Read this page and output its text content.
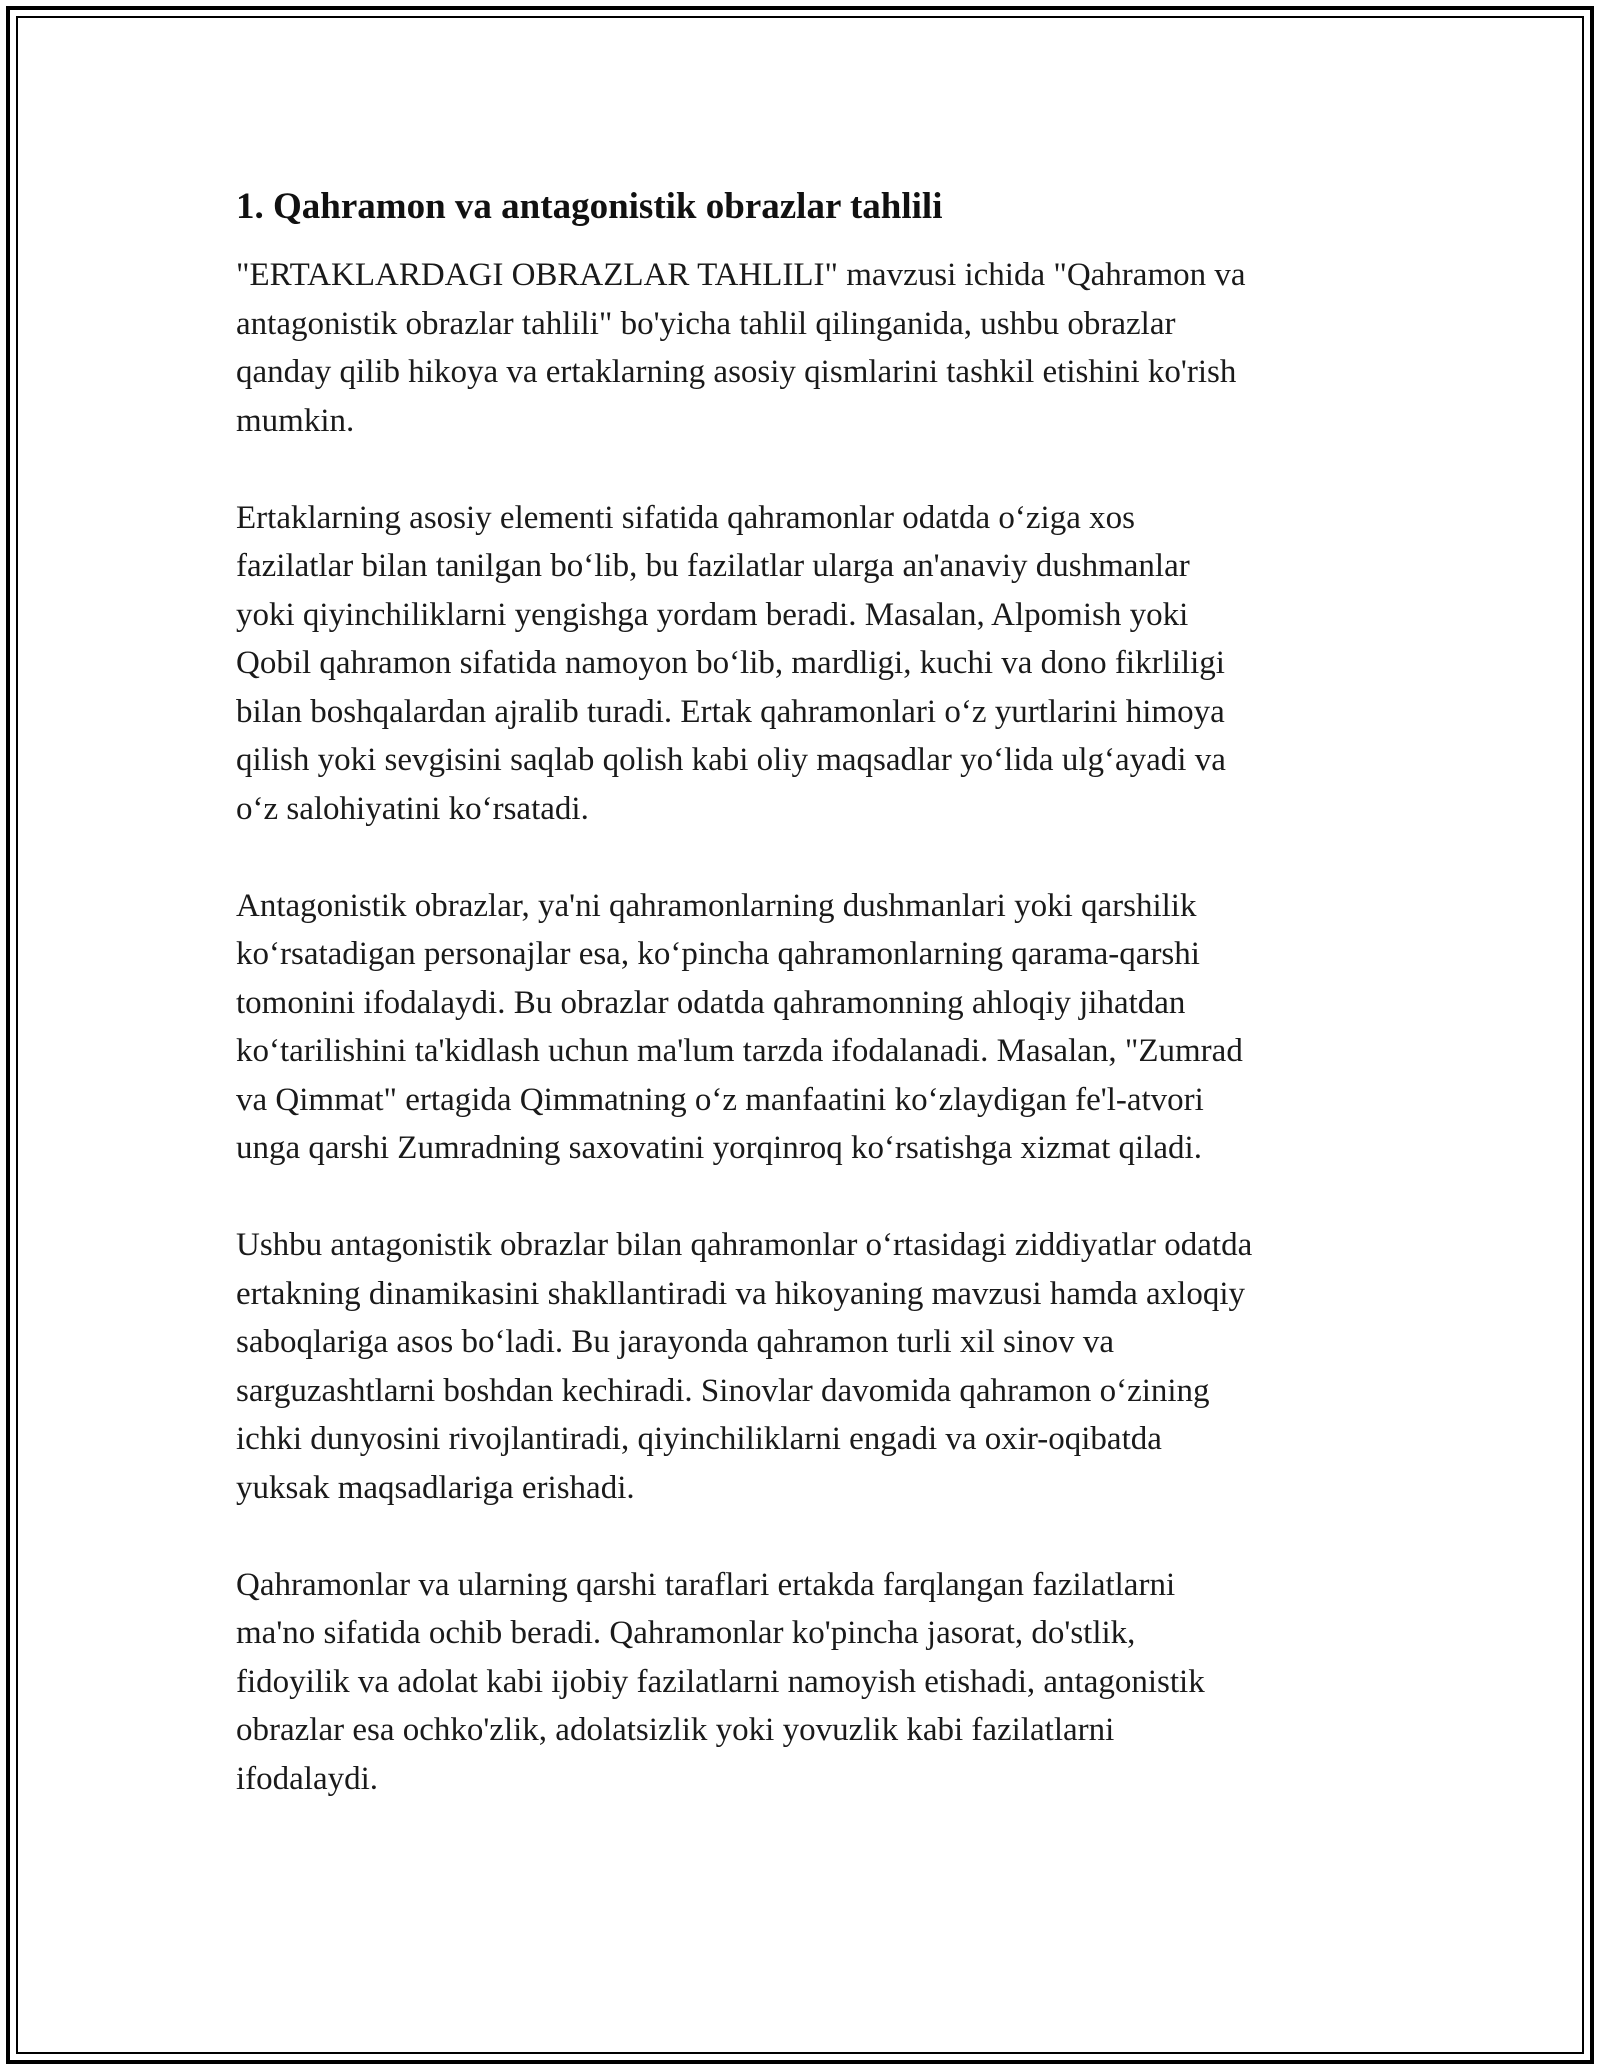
1. Qahramon va antagonistik obrazlar tahlili
"ERTAKLARDAGI OBRAZLAR TAHLILI" mavzusi ichida "Qahramon va
antagonistik obrazlar tahlili" bo'yicha tahlil qilinganida, ushbu obrazlar
qanday qilib hikoya va ertaklarning asosiy qismlarini tashkil etishini ko'rish
mumkin.
Ertaklarning asosiy elementi sifatida qahramonlar odatda o‘ziga xos
fazilatlar bilan tanilgan bo‘lib, bu fazilatlar ularga an'anaviy dushmanlar
yoki qiyinchiliklarni yengishga yordam beradi. Masalan, Alpomish yoki
Qobil qahramon sifatida namoyon bo‘lib, mardligi, kuchi va dono fikrliligi
bilan boshqalardan ajralib turadi. Ertak qahramonlari o‘z yurtlarini himoya
qilish yoki sevgisini saqlab qolish kabi oliy maqsadlar yo‘lida ulg‘ayadi va
o‘z salohiyatini ko‘rsatadi.
Antagonistik obrazlar, ya'ni qahramonlarning dushmanlari yoki qarshilik
ko‘rsatadigan personajlar esa, ko‘pincha qahramonlarning qarama-qarshi
tomonini ifodalaydi. Bu obrazlar odatda qahramonning ahloqiy jihatdan
ko‘tarilishini ta'kidlash uchun ma'lum tarzda ifodalanadi. Masalan, "Zumrad
va Qimmat" ertagida Qimmatning o‘z manfaatini ko‘zlaydigan fe'l-atvori
unga qarshi Zumradning saxovatini yorqinroq ko‘rsatishga xizmat qiladi.
Ushbu antagonistik obrazlar bilan qahramonlar o‘rtasidagi ziddiyatlar odatda
ertakning dinamikasini shakllantiradi va hikoyaning mavzusi hamda axloqiy
saboqlariga asos bo‘ladi. Bu jarayonda qahramon turli xil sinov va
sarguzashtlarni boshdan kechiradi. Sinovlar davomida qahramon o‘zining
ichki dunyosini rivojlantiradi, qiyinchiliklarni engadi va oxir-oqibatda
yuksak maqsadlariga erishadi.
Qahramonlar va ularning qarshi taraflari ertakda farqlangan fazilatlarni
ma'no sifatida ochib beradi. Qahramonlar ko'pincha jasorat, do'stlik,
fidoyilik va adolat kabi ijobiy fazilatlarni namoyish etishadi, antagonistik
obrazlar esa ochko'zlik, adolatsizlik yoki yovuzlik kabi fazilatlarni
ifodalaydi.
